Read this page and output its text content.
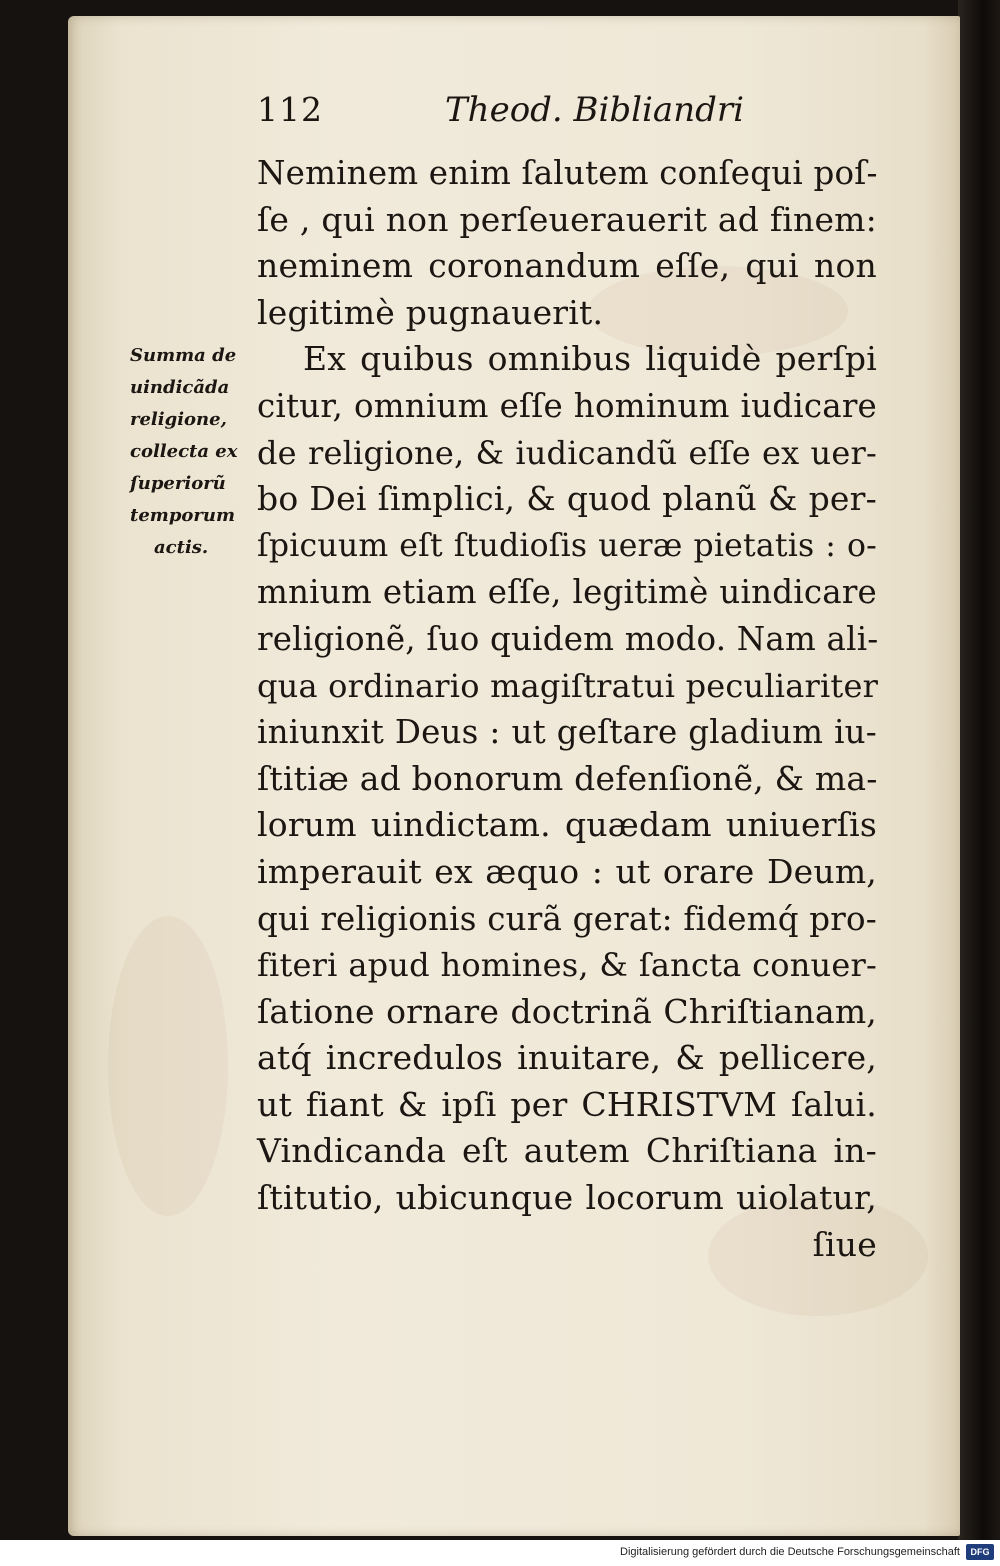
112	Theod. Bibliandri
Summa de
uindicãda
religione,
collecta ex
ſuperiorũ
temporum
actis.
Neminem enim ſalutem conſequi poſ-
ſe , qui non perſeuerauerit ad finem:
neminem coronandum eſſe, qui non
legitimè pugnauerit.
Ex quibus omnibus liquidè perſpi
citur, omnium eſſe hominum iudicare
de religione, & iudicandũ eſſe ex uer-
bo Dei ſimplici, & quod planũ & per-
ſpicuum eſt ſtudioſis ueræ pietatis : o-
mnium etiam eſſe, legitimè uindicare
religionẽ, ſuo quidem modo. Nam ali-
qua ordinario magiſtratui peculiariter
iniunxit Deus : ut geſtare gladium iu-
ſtitiæ ad bonorum defenſionẽ, & ma-
lorum uindictam. quædam uniuerſis
imperauit ex æquo : ut orare Deum,
qui religionis curã gerat: fidemq́ pro-
fiteri apud homines, & ſancta conuer-
ſatione ornare doctrinã Chriſtianam,
atq́ incredulos inuitare, & pellicere,
ut fiant & ipſi per CHRISTVM ſalui.
Vindicanda eſt autem Chriſtiana in-
ſtitutio, ubicunque locorum uiolatur,
ſiue
Digitalisierung gefördert durch die Deutsche Forschungsgemeinschaft	DFG
